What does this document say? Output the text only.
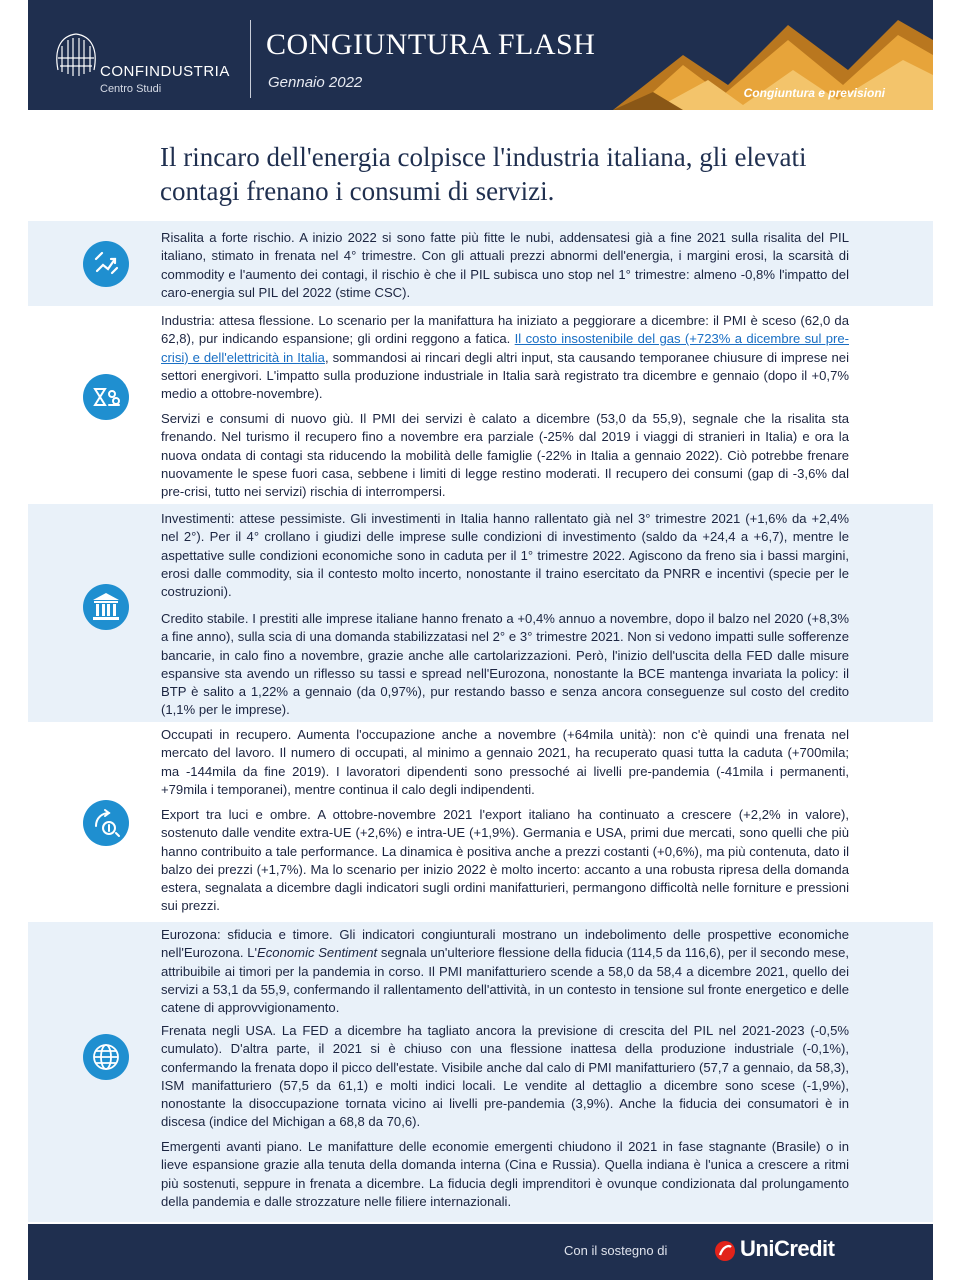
CONFINDUSTRIA
Centro Studi
CONGIUNTURA FLASH
Gennaio 2022
Congiuntura e previsioni
Il rincaro dell'energia colpisce l'industria italiana, gli elevati contagi frenano i consumi di servizi.

Risalita a forte rischio. A inizio 2022 si sono fatte più fitte le nubi, addensatesi già a fine 2021 sulla risalita del PIL italiano, stimato in frenata nel 4° trimestre. Con gli attuali prezzi abnormi dell'energia, i margini erosi, la scarsità di commodity e l'aumento dei contagi, il rischio è che il PIL subisca uno stop nel 1° trimestre: almeno -0,8% l'impatto del caro-energia sul PIL del 2022 (stime CSC).

Industria: attesa flessione. Lo scenario per la manifattura ha iniziato a peggiorare a dicembre: il PMI è sceso (62,0 da 62,8), pur indicando espansione; gli ordini reggono a fatica. Il costo insostenibile del gas (+723% a dicembre sul pre-crisi) e dell'elettricità in Italia, sommandosi ai rincari degli altri input, sta causando temporanee chiusure di imprese nei settori energivori. L'impatto sulla produzione industriale in Italia sarà registrato tra dicembre e gennaio (dopo il +0,7% medio a ottobre-novembre).

Servizi e consumi di nuovo giù. Il PMI dei servizi è calato a dicembre (53,0 da 55,9), segnale che la risalita sta frenando. Nel turismo il recupero fino a novembre era parziale (-25% dal 2019 i viaggi di stranieri in Italia) e ora la nuova ondata di contagi sta riducendo la mobilità delle famiglie (-22% in Italia a gennaio 2022). Ciò potrebbe frenare nuovamente le spese fuori casa, sebbene i limiti di legge restino moderati. Il recupero dei consumi (gap di -3,6% dal pre-crisi, tutto nei servizi) rischia di interrompersi.

Investimenti: attese pessimiste. Gli investimenti in Italia hanno rallentato già nel 3° trimestre 2021 (+1,6% da +2,4% nel 2°). Per il 4° crollano i giudizi delle imprese sulle condizioni di investimento (saldo da +24,4 a +6,7), mentre le aspettative sulle condizioni economiche sono in caduta per il 1° trimestre 2022. Agiscono da freno sia i bassi margini, erosi dalle commodity, sia il contesto molto incerto, nonostante il traino esercitato da PNRR e incentivi (specie per le costruzioni).

Credito stabile. I prestiti alle imprese italiane hanno frenato a +0,4% annuo a novembre, dopo il balzo nel 2020 (+8,3% a fine anno), sulla scia di una domanda stabilizzatasi nel 2° e 3° trimestre 2021. Non si vedono impatti sulle sofferenze bancarie, in calo fino a novembre, grazie anche alle cartolarizzazioni. Però, l'inizio dell'uscita della FED dalle misure espansive sta avendo un riflesso su tassi e spread nell'Eurozona, nonostante la BCE mantenga invariata la policy: il BTP è salito a 1,22% a gennaio (da 0,97%), pur restando basso e senza ancora conseguenze sul costo del credito (1,1% per le imprese).

Occupati in recupero. Aumenta l'occupazione anche a novembre (+64mila unità): non c'è quindi una frenata nel mercato del lavoro. Il numero di occupati, al minimo a gennaio 2021, ha recuperato quasi tutta la caduta (+700mila; ma -144mila da fine 2019). I lavoratori dipendenti sono pressoché ai livelli pre-pandemia (-41mila i permanenti, +79mila i temporanei), mentre continua il calo degli indipendenti.

Export tra luci e ombre. A ottobre-novembre 2021 l'export italiano ha continuato a crescere (+2,2% in valore), sostenuto dalle vendite extra-UE (+2,6%) e intra-UE (+1,9%). Germania e USA, primi due mercati, sono quelli che più hanno contribuito a tale performance. La dinamica è positiva anche a prezzi costanti (+0,6%), ma più contenuta, dato il balzo dei prezzi (+1,7%). Ma lo scenario per inizio 2022 è molto incerto: accanto a una robusta ripresa della domanda estera, segnalata a dicembre dagli indicatori sugli ordini manifatturieri, permangono difficoltà nelle forniture e pressioni sui prezzi.

Eurozona: sfiducia e timore. Gli indicatori congiunturali mostrano un indebolimento delle prospettive economiche nell'Eurozona. L'Economic Sentiment segnala un'ulteriore flessione della fiducia (114,5 da 116,6), per il secondo mese, attribuibile ai timori per la pandemia in corso. Il PMI manifatturiero scende a 58,0 da 58,4 a dicembre 2021, quello dei servizi a 53,1 da 55,9, confermando il rallentamento dell'attività, in un contesto in tensione sul fronte energetico e delle catene di approvvigionamento.

Frenata negli USA. La FED a dicembre ha tagliato ancora la previsione di crescita del PIL nel 2021-2023 (-0,5% cumulato). D'altra parte, il 2021 si è chiuso con una flessione inattesa della produzione industriale (-0,1%), confermando la frenata dopo il picco dell'estate. Visibile anche dal calo di PMI manifatturiero (57,7 a gennaio, da 58,3), ISM manifatturiero (57,5 da 61,1) e molti indici locali. Le vendite al dettaglio a dicembre sono scese (-1,9%), nonostante la disoccupazione tornata vicino ai livelli pre-pandemia (3,9%). Anche la fiducia dei consumatori è in discesa (indice del Michigan a 68,8 da 70,6).

Emergenti avanti piano. Le manifatture delle economie emergenti chiudono il 2021 in fase stagnante (Brasile) o in lieve espansione grazie alla tenuta della domanda interna (Cina e Russia). Quella indiana è l'unica a crescere a ritmi più sostenuti, seppure in frenata a dicembre. La fiducia degli imprenditori è ovunque condizionata dal prolungamento della pandemia e dalle strozzature nelle filiere internazionali.

Con il sostegno di	UniCredit
